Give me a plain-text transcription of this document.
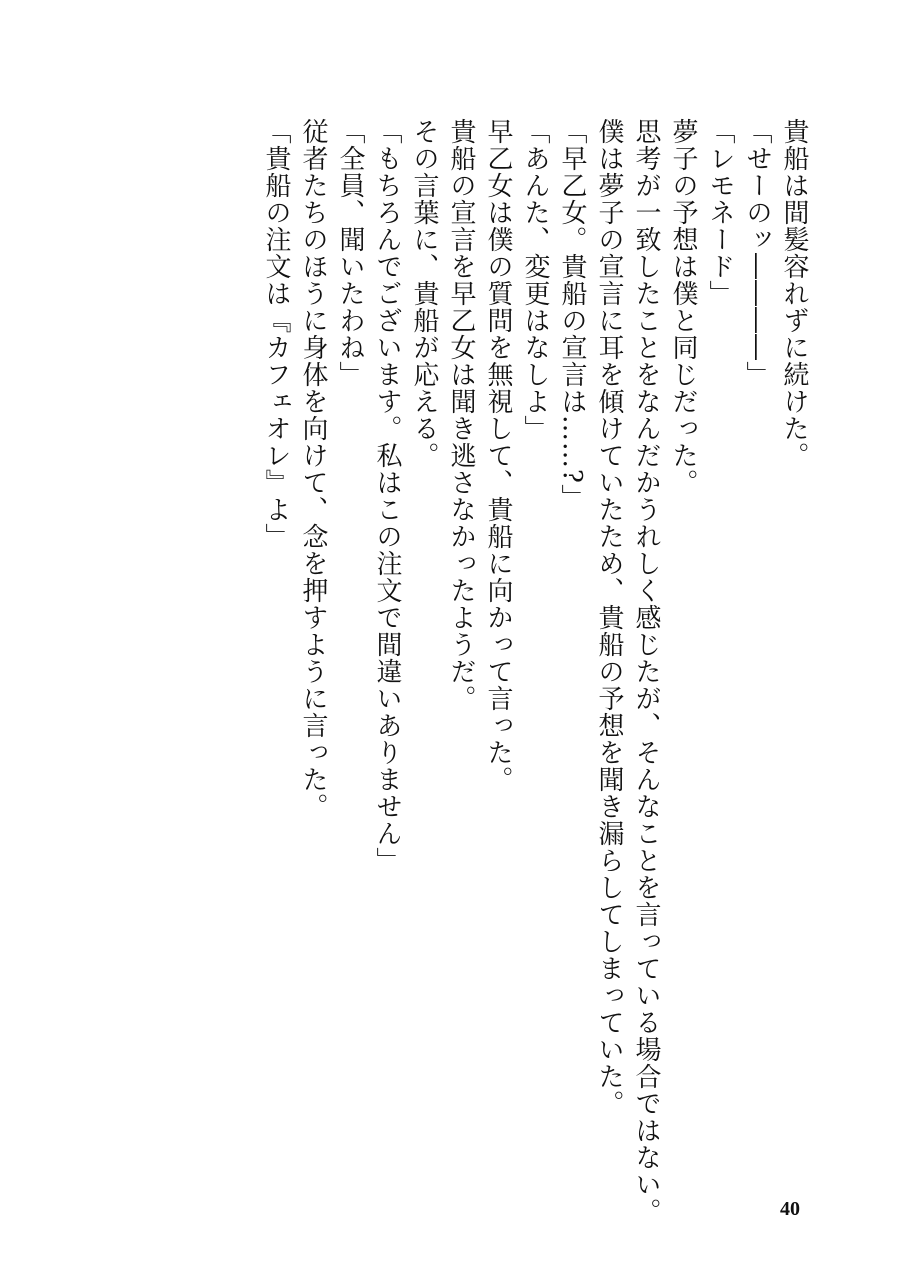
貴船は間髪容れずに続けた。

「せーのッ――――」

「レモネード」

夢子の予想は僕と同じだった。

思考が一致したことをなんだかうれしく感じたが、そんなことを言っている場合ではない。

僕は夢子の宣言に耳を傾けていたため、貴船の予想を聞き漏らしてしまっていた。

「早乙女。貴船の宣言は……?」

「あんた、変更はなしよ」

早乙女は僕の質問を無視して、貴船に向かって言った。

貴船の宣言を早乙女は聞き逃さなかったようだ。

その言葉に、貴船が応える。

「もちろんでございます。私はこの注文で間違いありません」

「全員、聞いたわね」

従者たちのほうに身体を向けて、念を押すように言った。

「貴船の注文は『カフェオレ』よ」

40
